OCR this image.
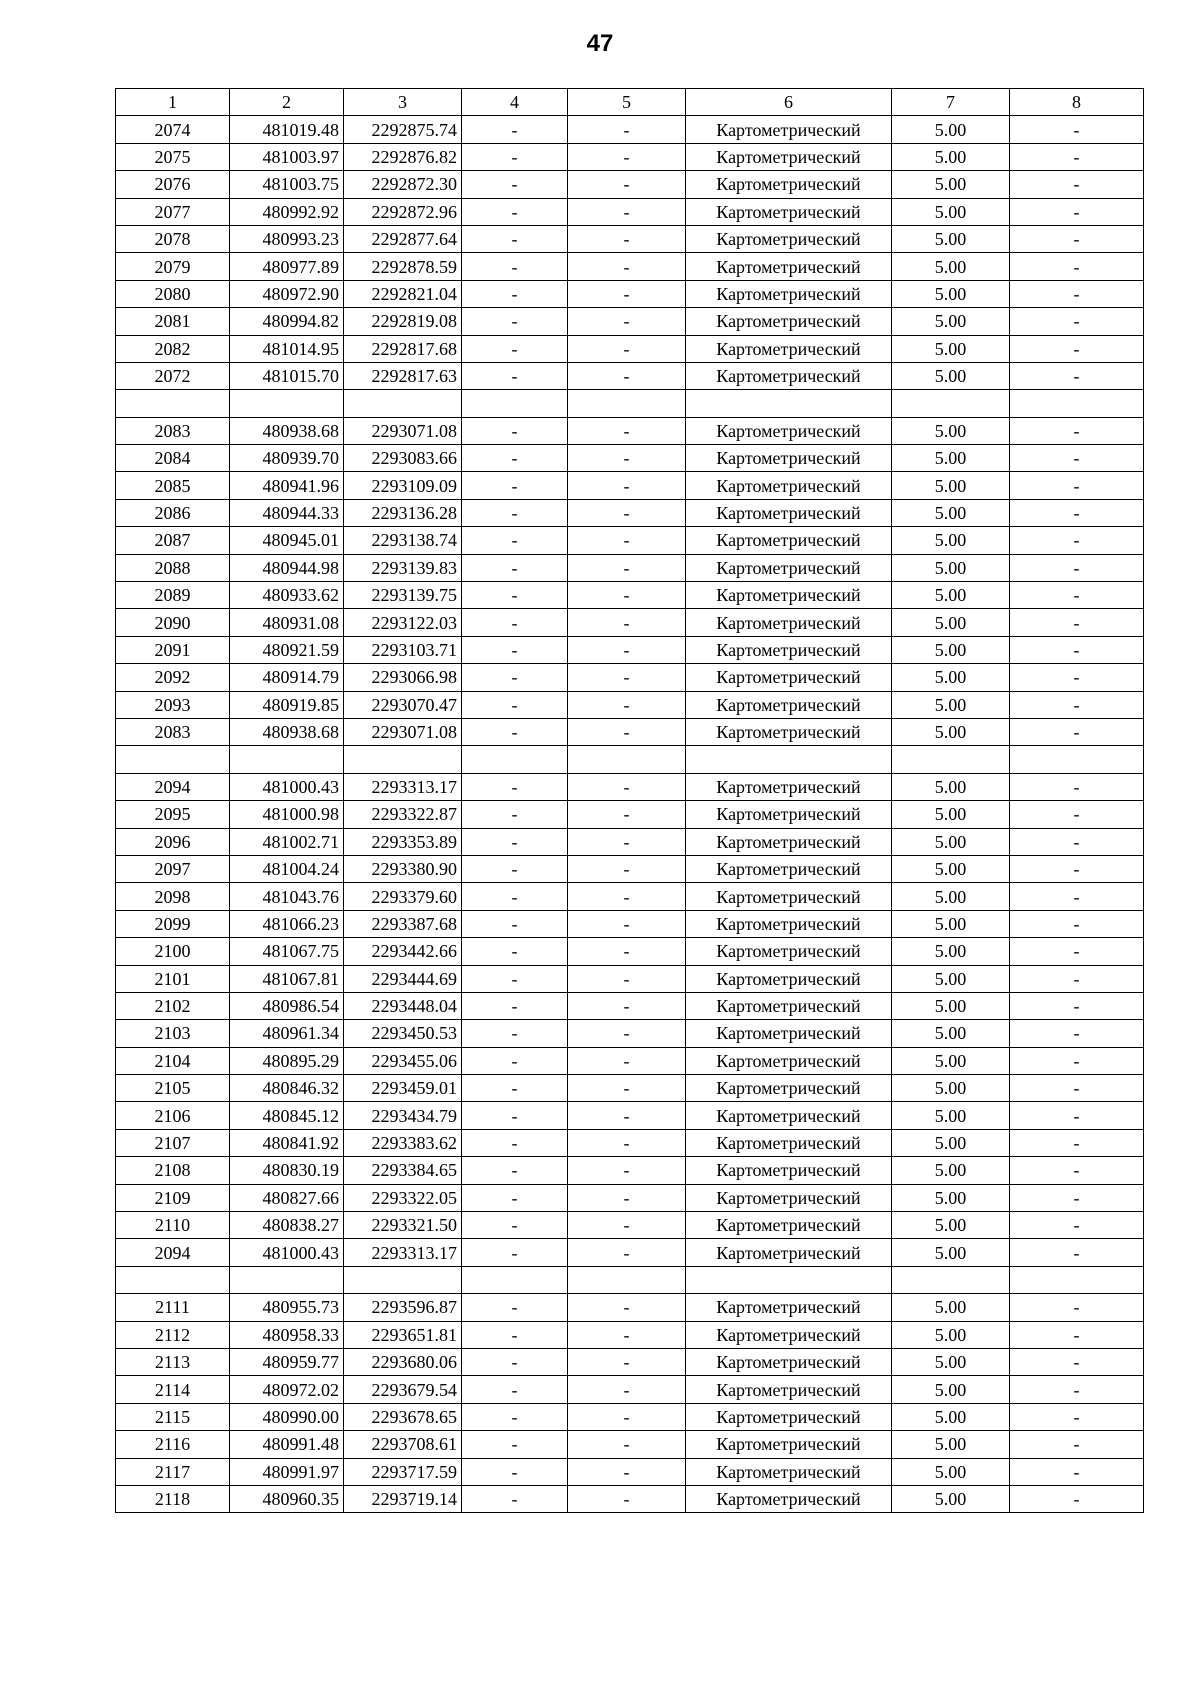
47
1	2	3	4	5	6	7	8
2074	481019.48	2292875.74	-	-	Картометрический	5.00	-
2075	481003.97	2292876.82	-	-	Картометрический	5.00	-
2076	481003.75	2292872.30	-	-	Картометрический	5.00	-
2077	480992.92	2292872.96	-	-	Картометрический	5.00	-
2078	480993.23	2292877.64	-	-	Картометрический	5.00	-
2079	480977.89	2292878.59	-	-	Картометрический	5.00	-
2080	480972.90	2292821.04	-	-	Картометрический	5.00	-
2081	480994.82	2292819.08	-	-	Картометрический	5.00	-
2082	481014.95	2292817.68	-	-	Картометрический	5.00	-
2072	481015.70	2292817.63	-	-	Картометрический	5.00	-

2083	480938.68	2293071.08	-	-	Картометрический	5.00	-
2084	480939.70	2293083.66	-	-	Картометрический	5.00	-
2085	480941.96	2293109.09	-	-	Картометрический	5.00	-
2086	480944.33	2293136.28	-	-	Картометрический	5.00	-
2087	480945.01	2293138.74	-	-	Картометрический	5.00	-
2088	480944.98	2293139.83	-	-	Картометрический	5.00	-
2089	480933.62	2293139.75	-	-	Картометрический	5.00	-
2090	480931.08	2293122.03	-	-	Картометрический	5.00	-
2091	480921.59	2293103.71	-	-	Картометрический	5.00	-
2092	480914.79	2293066.98	-	-	Картометрический	5.00	-
2093	480919.85	2293070.47	-	-	Картометрический	5.00	-
2083	480938.68	2293071.08	-	-	Картометрический	5.00	-

2094	481000.43	2293313.17	-	-	Картометрический	5.00	-
2095	481000.98	2293322.87	-	-	Картометрический	5.00	-
2096	481002.71	2293353.89	-	-	Картометрический	5.00	-
2097	481004.24	2293380.90	-	-	Картометрический	5.00	-
2098	481043.76	2293379.60	-	-	Картометрический	5.00	-
2099	481066.23	2293387.68	-	-	Картометрический	5.00	-
2100	481067.75	2293442.66	-	-	Картометрический	5.00	-
2101	481067.81	2293444.69	-	-	Картометрический	5.00	-
2102	480986.54	2293448.04	-	-	Картометрический	5.00	-
2103	480961.34	2293450.53	-	-	Картометрический	5.00	-
2104	480895.29	2293455.06	-	-	Картометрический	5.00	-
2105	480846.32	2293459.01	-	-	Картометрический	5.00	-
2106	480845.12	2293434.79	-	-	Картометрический	5.00	-
2107	480841.92	2293383.62	-	-	Картометрический	5.00	-
2108	480830.19	2293384.65	-	-	Картометрический	5.00	-
2109	480827.66	2293322.05	-	-	Картометрический	5.00	-
2110	480838.27	2293321.50	-	-	Картометрический	5.00	-
2094	481000.43	2293313.17	-	-	Картометрический	5.00	-

2111	480955.73	2293596.87	-	-	Картометрический	5.00	-
2112	480958.33	2293651.81	-	-	Картометрический	5.00	-
2113	480959.77	2293680.06	-	-	Картометрический	5.00	-
2114	480972.02	2293679.54	-	-	Картометрический	5.00	-
2115	480990.00	2293678.65	-	-	Картометрический	5.00	-
2116	480991.48	2293708.61	-	-	Картометрический	5.00	-
2117	480991.97	2293717.59	-	-	Картометрический	5.00	-
2118	480960.35	2293719.14	-	-	Картометрический	5.00	-
